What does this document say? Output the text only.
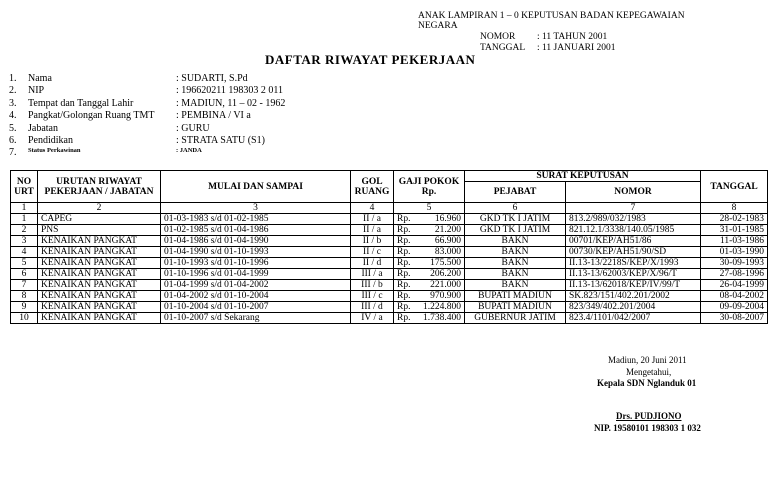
ANAK LAMPIRAN 1 – 0 KEPUTUSAN BADAN KEPEGAWAIAN
NEGARA
NOMOR : 11 TAHUN 2001
TANGGAL : 11 JANUARI 2001
DAFTAR RIWAYAT PEKERJAAN
1. Nama	: SUDARTI, S.Pd
2. NIP	: 196620211 198303 2 011
3. Tempat dan Tanggal Lahir	: MADIUN, 11 – 02 - 1962
4. Pangkat/Golongan Ruang TMT : PEMBINA / VI a
5. Jabatan	: GURU
6. Pendidikan	: STRATA SATU (S1)
7. Status Perkawinan	: JANDA
NO URT	URUTAN RIWAYAT PEKERJAAN / JABATAN	MULAI DAN SAMPAI	GOL RUANG	GAJI POKOK Rp.		SURAT KEPUTUSAN		TANGGAL
						PEJABAT	NOMOR	
1	2	3	4	5		6	7	8
1	CAPEG	01-03-1983 s/d 01-02-1985	II / a	Rp.	16.960	GKD TK I JATIM	813.2/989/032/1983	28-02-1983
2	PNS	01-02-1985 s/d 01-04-1986	II / a	Rp.	21.200	GKD TK I JATIM	821.12.1/3338/140.05/1985	31-01-1985
3	KENAIKAN PANGKAT	01-04-1986 s/d 01-04-1990	II / b	Rp.	66.900	BAKN	00701/KEP/AH51/86	11-03-1986
4	KENAIKAN PANGKAT	01-04-1990 s/d 01-10-1993	II / c	Rp.	83.000	BAKN	00730/KEP/AH51/90/SD	01-03-1990
5	KENAIKAN PANGKAT	01-10-1993 s/d 01-10-1996	II / d	Rp.	175.500	BAKN	II.13-13/2218S/KEP/X/1993	30-09-1993
6	KENAIKAN PANGKAT	01-10-1996 s/d 01-04-1999	III / a	Rp.	206.200	BAKN	II.13-13/62003/KEP/X/96/T	27-08-1996
7	KENAIKAN PANGKAT	01-04-1999 s/d 01-04-2002	III / b	Rp.	221.000	BAKN	II.13-13/62018/KEP/IV/99/T	26-04-1999
8	KENAIKAN PANGKAT	01-04-2002 s/d 01-10-2004	III / c	Rp.	970.900	BUPATI MADIUN	SK.823/151/402.201/2002	08-04-2002
9	KENAIKAN PANGKAT	01-10-2004 s/d 01-10-2007	III / d	Rp.	1.224.800	BUPATI MADIUN	823/349/402.201/2004	09-09-2004
10	KENAIKAN PANGKAT	01-10-2007 s/d Sekarang	IV / a	Rp.	1.738.400	GUBERNUR JATIM	823.4/1101/042/2007	30-08-2007
Madiun, 20 Juni 2011
Mengetahui,
Kepala SDN Nglanduk 01
Drs. PUDJIONO
NIP. 19580101 198303 1 032
